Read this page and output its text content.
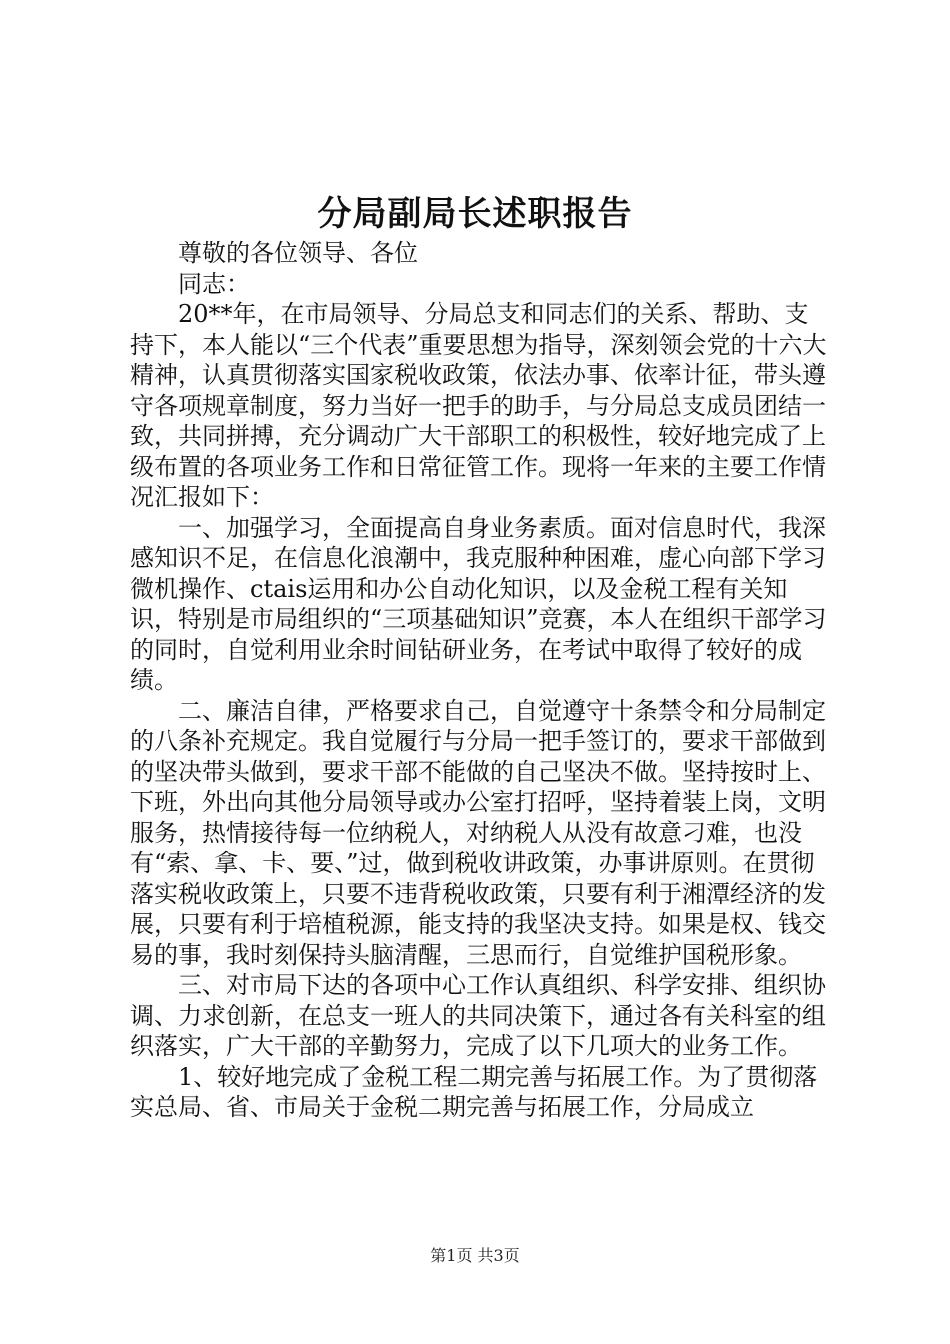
分局副局长述职报告

尊敬的各位领导、各位

同志：

20**年，在市局领导、分局总支和同志们的关系、帮助、支持下，本人能以“三个代表”重要思想为指导，深刻领会党的十六大精神，认真贯彻落实国家税收政策，依法办事、依率计征，带头遵守各项规章制度，努力当好一把手的助手，与分局总支成员团结一致，共同拼搏，充分调动广大干部职工的积极性，较好地完成了上级布置的各项业务工作和日常征管工作。现将一年来的主要工作情况汇报如下：

一、加强学习，全面提高自身业务素质。面对信息时代，我深感知识不足，在信息化浪潮中，我克服种种困难，虚心向部下学习微机操作、ctais运用和办公自动化知识，以及金税工程有关知识，特别是市局组织的“三项基础知识”竞赛，本人在组织干部学习的同时，自觉利用业余时间钻研业务，在考试中取得了较好的成绩。

二、廉洁自律，严格要求自己，自觉遵守十条禁令和分局制定的八条补充规定。我自觉履行与分局一把手签订的，要求干部做到的坚决带头做到，要求干部不能做的自己坚决不做。坚持按时上、下班，外出向其他分局领导或办公室打招呼，坚持着装上岗，文明服务，热情接待每一位纳税人，对纳税人从没有故意刁难，也没有“索、拿、卡、要、”过，做到税收讲政策，办事讲原则。在贯彻落实税收政策上，只要不违背税收政策，只要有利于湘潭经济的发展，只要有利于培植税源，能支持的我坚决支持。如果是权、钱交易的事，我时刻保持头脑清醒，三思而行，自觉维护国税形象。

三、对市局下达的各项中心工作认真组织、科学安排、组织协调、力求创新，在总支一班人的共同决策下，通过各有关科室的组织落实，广大干部的辛勤努力，完成了以下几项大的业务工作。

1、较好地完成了金税工程二期完善与拓展工作。为了贯彻落实总局、省、市局关于金税二期完善与拓展工作，分局成立

第1页 共3页
